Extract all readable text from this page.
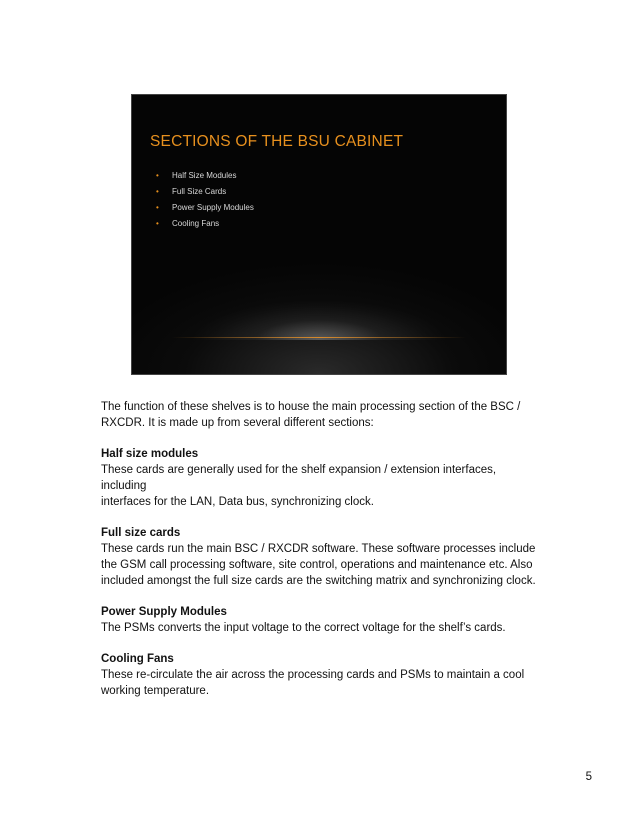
SECTIONS OF THE BSU CABINET
• Half Size Modules
• Full Size Cards
• Power Supply Modules
• Cooling Fans

The function of these shelves is to house the main processing section of the BSC /

RXCDR. It is made up from several different sections:

Half size modules

These cards are generally used for the shelf expansion / extension interfaces,

including

interfaces for the LAN, Data bus, synchronizing clock.

Full size cards

These cards run the main BSC / RXCDR software. These software processes include

the GSM call processing software, site control, operations and maintenance etc. Also

included amongst the full size cards are the switching matrix and synchronizing clock.

Power Supply Modules

The PSMs converts the input voltage to the correct voltage for the shelf’s cards.

Cooling Fans

These re-circulate the air across the processing cards and PSMs to maintain a cool

working temperature.

5
